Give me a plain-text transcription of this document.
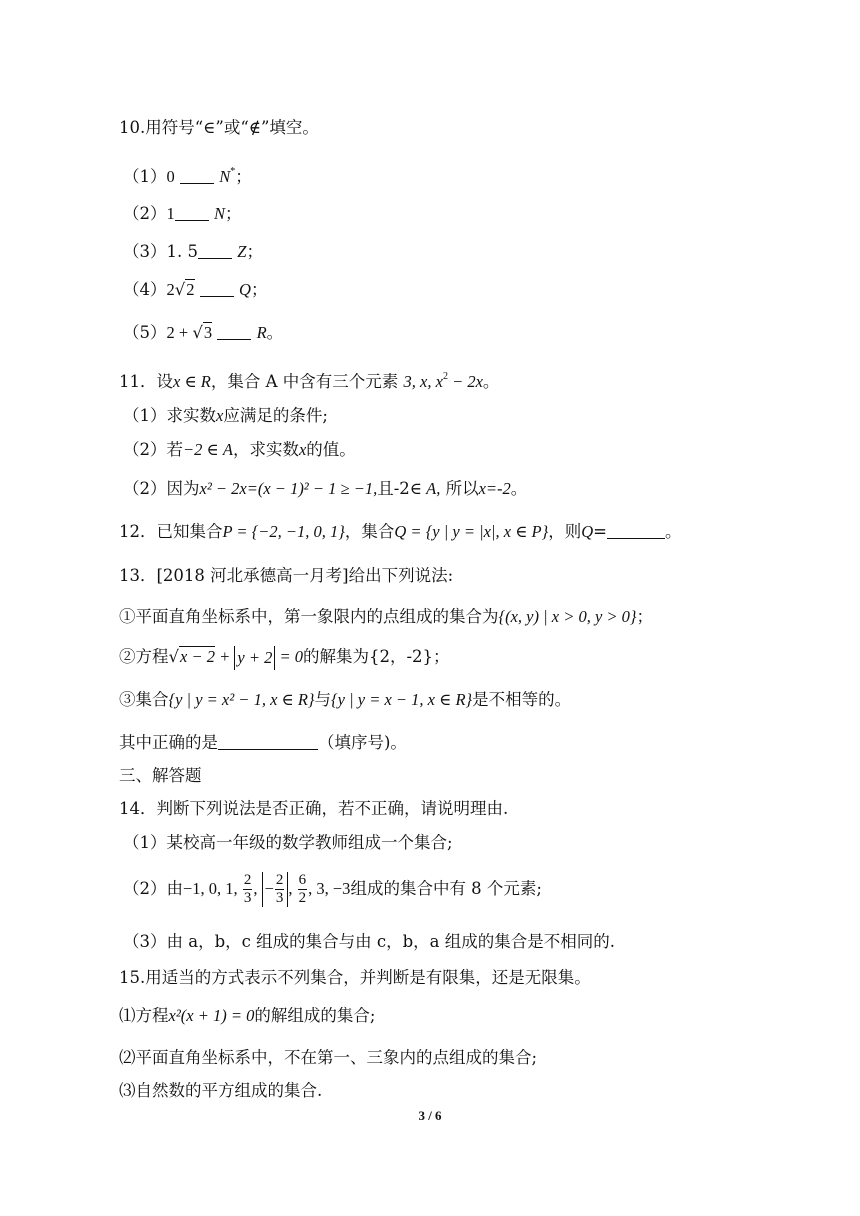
10.用符号“∈”或“∉”填空。
（1）0	N*；
（2）1 N；
（3）1. 5 Z；
（4）2√2	Q；
（5）2 + √3	R。
11．设x ∈ R，集合 A 中含有三个元素 3, x, $x^2 - 2x$。
（1）求实数x应满足的条件;
（2）若−2 ∈ A，求实数x的值。
（2）因为x² − 2x=(x − 1)² − 1 ≥ −1,且-2∈ A, 所以x=-2。
12．已知集合P = {−2, −1, 0, 1}，集合Q = {y | y = |x|, x ∈ P}，则Q=	。
13．[2018 河北承德高一月考]给出下列说法:
①平面直角坐标系中，第一象限内的点组成的集合为{(x, y) | x > 0, y > 0}；
②方程√x − 2 + y + 2 = 0的解集为{2，-2}；
③集合{y | y = x² − 1, x ∈ R}与{y | y = x − 1, x ∈ R}是不相等的。
其中正确的是	（填序号)。
三、解答题
14．判断下列说法是否正确，若不正确，请说明理由.
（1）某校高一年级的数学教师组成一个集合;
（2）由−1, 0, 1, $\frac{2}{3}$ , − $\frac{2}{3}$ , $\frac{6}{2}$ , 3, −3组成的集合中有 8 个元素;
（3）由 a，b，c 组成的集合与由 c，b，a 组成的集合是不相同的.
15.用适当的方式表示不列集合，并判断是有限集，还是无限集。
⑴方程x²(x + 1) = 0的解组成的集合;
⑵平面直角坐标系中，不在第一、三象内的点组成的集合;
⑶自然数的平方组成的集合.
3 / 6
